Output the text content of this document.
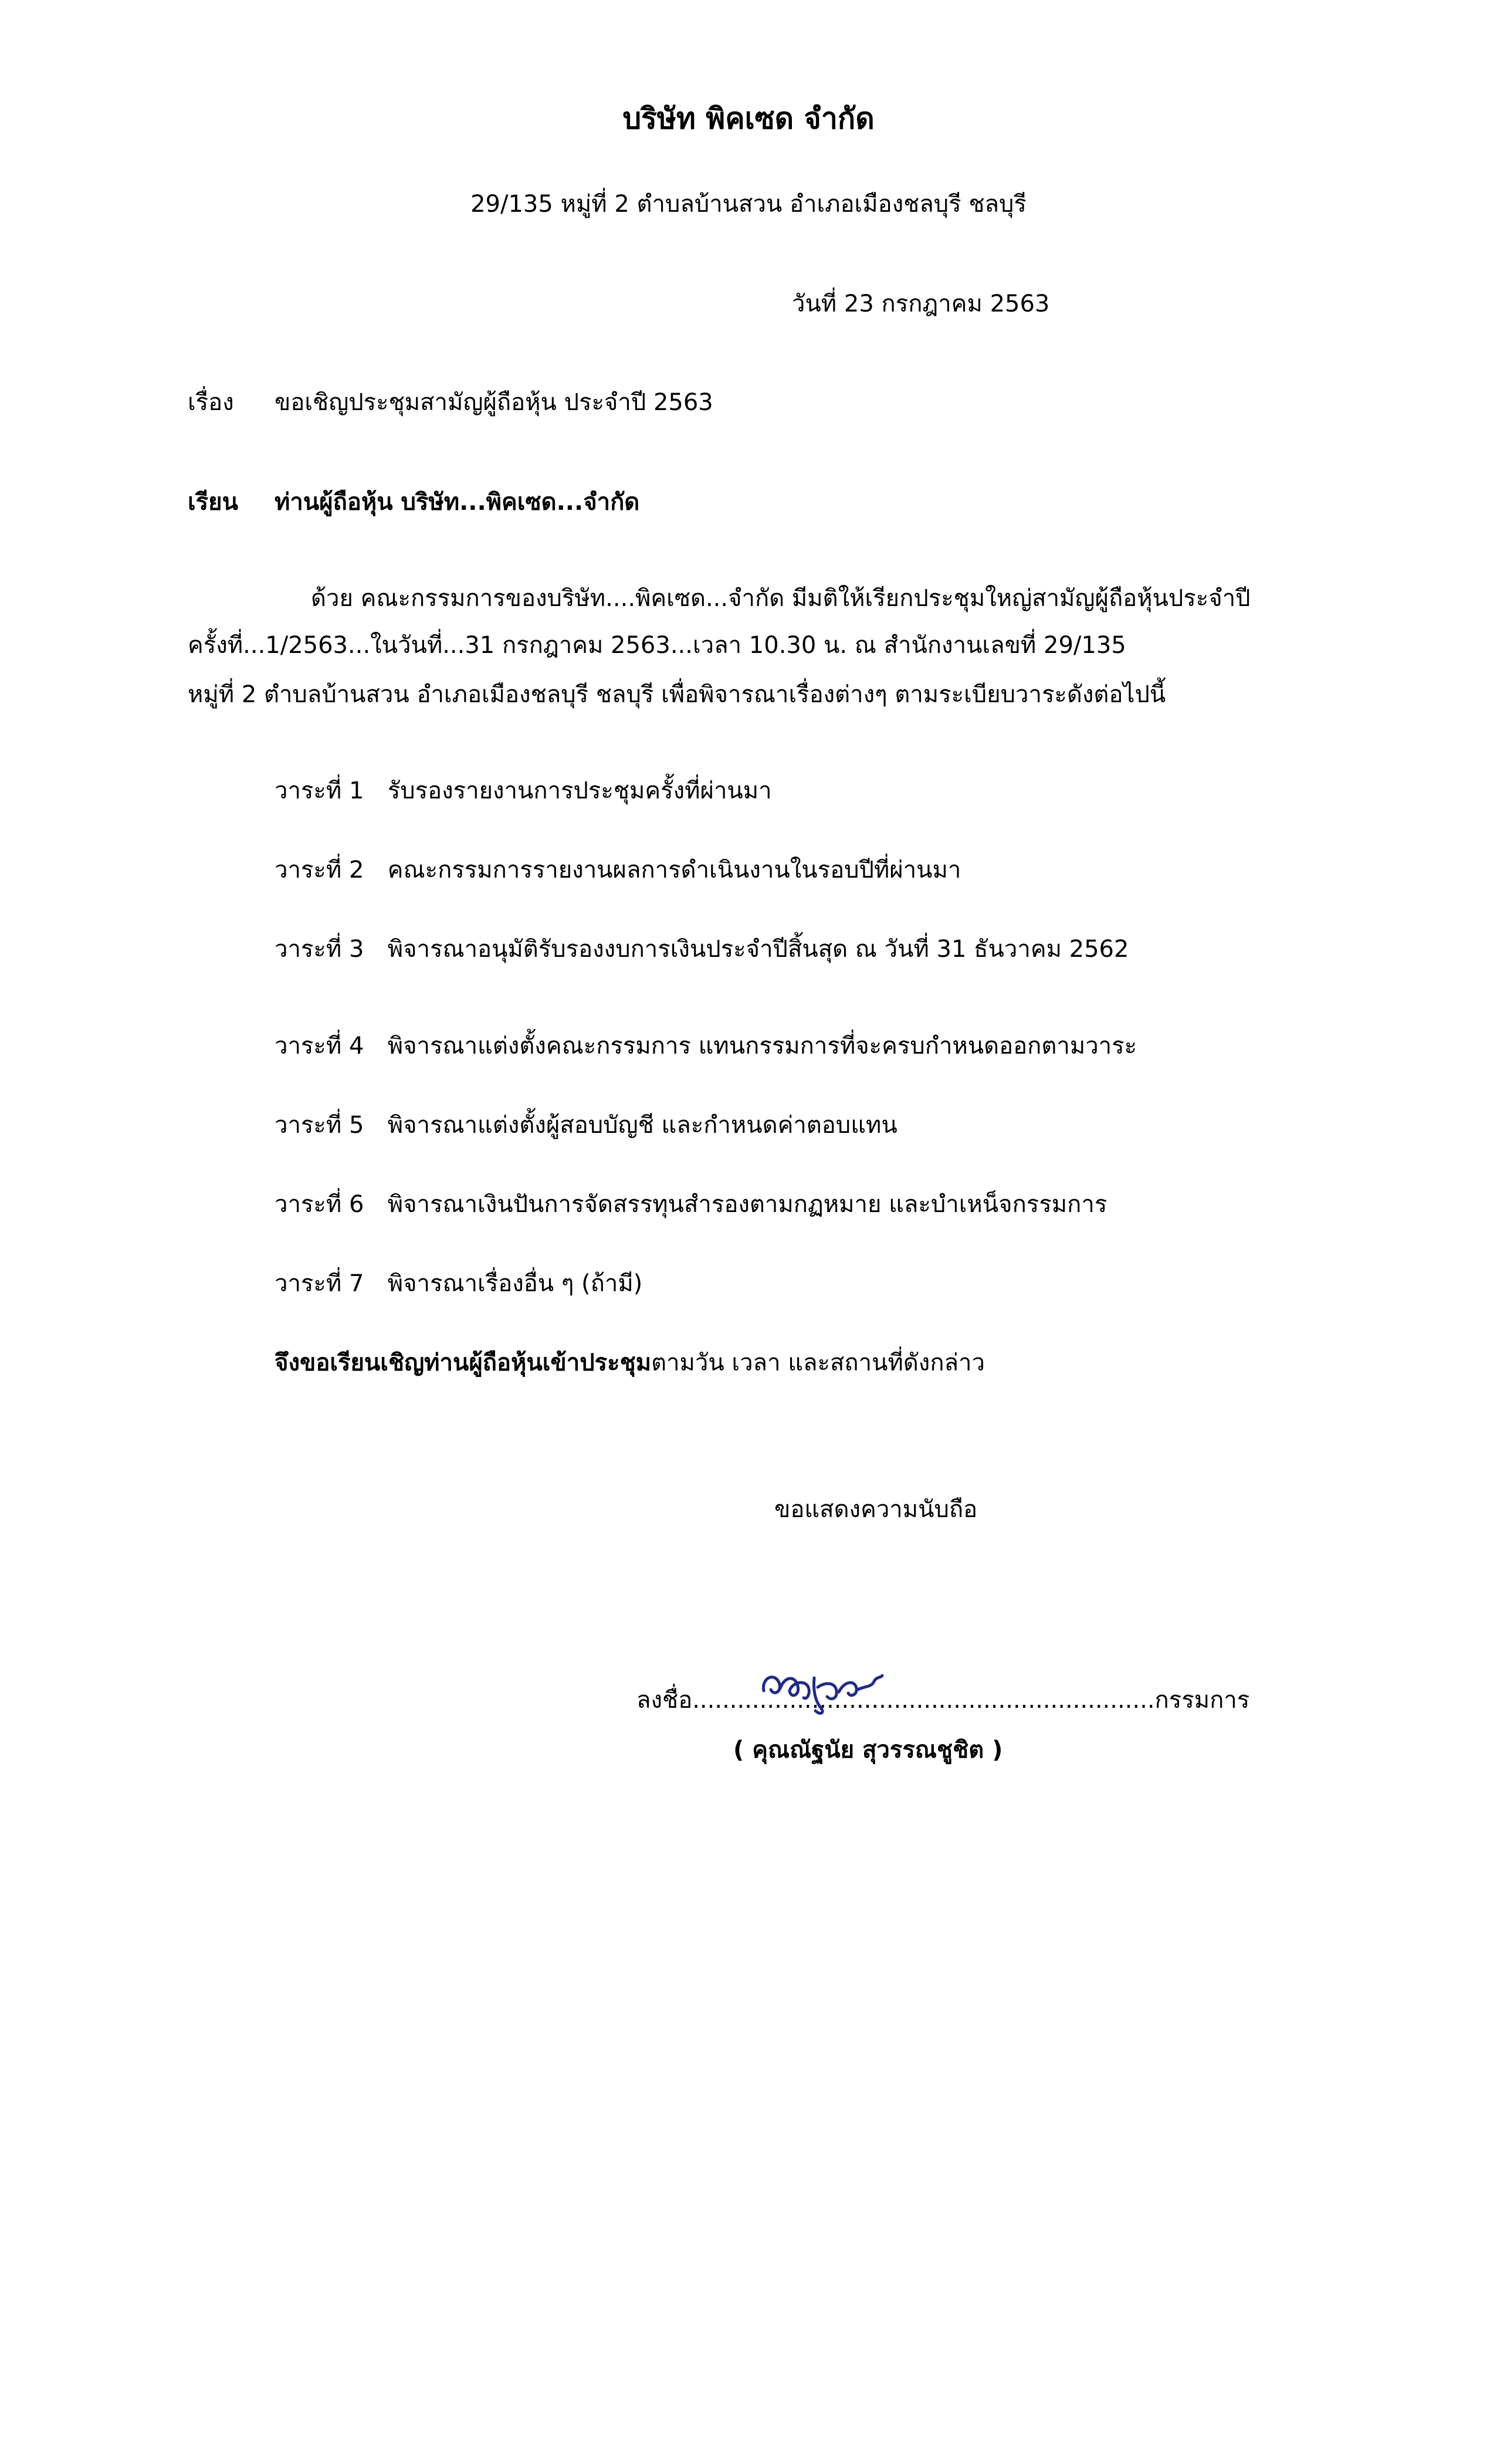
บริษัท พิคเซด จำกัด
29/135 หมู่ที่ 2 ตำบลบ้านสวน อำเภอเมืองชลบุรี ชลบุรี
วันที่ 23 กรกฎาคม 2563
เรื่อง ขอเชิญประชุมสามัญผู้ถือหุ้น ประจำปี 2563
เรียน ท่านผู้ถือหุ้น บริษัท...พิคเซด...จำกัด
ด้วย คณะกรรมการของบริษัท....พิคเซด...จำกัด มีมติให้เรียกประชุมใหญ่สามัญผู้ถือหุ้นประจำปี
ครั้งที่...1/2563...ในวันที่...31 กรกฎาคม 2563...เวลา 10.30 น. ณ สำนักงานเลขที่ 29/135
หมู่ที่ 2 ตำบลบ้านสวน อำเภอเมืองชลบุรี ชลบุรี เพื่อพิจารณาเรื่องต่างๆ ตามระเบียบวาระดังต่อไปนี้
วาระที่ 1 รับรองรายงานการประชุมครั้งที่ผ่านมา
วาระที่ 2 คณะกรรมการรายงานผลการดำเนินงานในรอบปีที่ผ่านมา
วาระที่ 3 พิจารณาอนุมัติรับรองงบการเงินประจำปีสิ้นสุด ณ วันที่ 31 ธันวาคม 2562
วาระที่ 4 พิจารณาแต่งตั้งคณะกรรมการ แทนกรรมการที่จะครบกำหนดออกตามวาระ
วาระที่ 5 พิจารณาแต่งตั้งผู้สอบบัญชี และกำหนดค่าตอบแทน
วาระที่ 6 พิจารณาเงินปันการจัดสรรทุนสำรองตามกฏหมาย และบำเหน็จกรรมการ
วาระที่ 7 พิจารณาเรื่องอื่น ๆ (ถ้ามี)
จึงขอเรียนเชิญท่านผู้ถือหุ้นเข้าประชุมตามวัน เวลา และสถานที่ดังกล่าว
ขอแสดงความนับถือ
ลงชื่อ..............................................................กรรมการ
( คุณณัฐนัย สุวรรณชูชิต )
